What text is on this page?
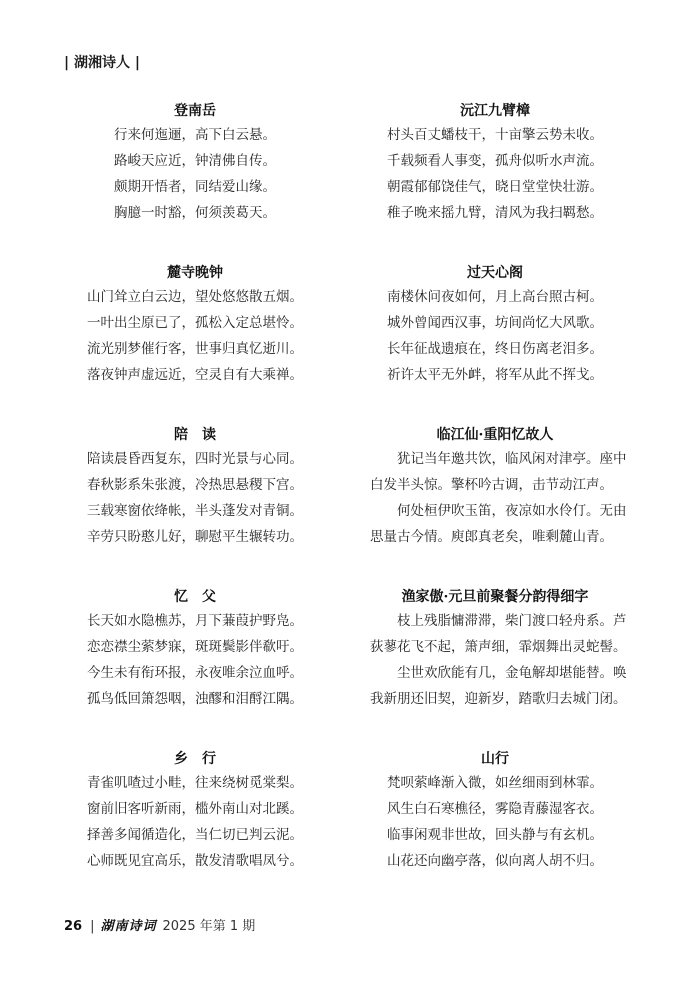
| 湖湘诗人 |
登南岳
行来何迤逦，高下白云悬。
路峻天应近，钟清佛自传。
颇期开悟者，同结爱山缘。
胸臆一时豁，何须羡葛天。
麓寺晚钟
山门耸立白云边，望处悠悠散五烟。
一叶出尘原已了，孤松入定总堪怜。
流光别梦催行客，世事归真忆逝川。
落夜钟声虚远近，空灵自有大乘禅。
陪　读
陪读晨昏西复东，四时光景与心同。
春秋影系朱张渡，冷热思悬稷下宫。
三载寒窗依绛帐，半头蓬发对青铜。
辛劳只盼憨儿好，聊慰平生辗转功。
忆　父
长天如水隐樵苏，月下蒹葭护野凫。
恋恋襟尘萦梦寐，斑斑鬓影伴欷吁。
今生未有衔环报，永夜唯余泣血呼。
孤鸟低回箫怨咽，浊醪和泪酹江隅。
乡　行
青雀叽喳过小畦，往来绕树觅棠梨。
窗前旧客听新雨，槛外南山对北蹊。
择善多闻循造化，当仁切已判云泥。
心师既见宜高乐，散发清歌唱凤兮。
沅江九臂樟
村头百丈蟠枝干，十亩擎云势未收。
千载频看人事变，孤舟似听水声流。
朝霞郁郁饶佳气，晓日堂堂快壮游。
稚子晚来摇九臂，清风为我扫羁愁。
过天心阁
南楼休问夜如何，月上高台照古柯。
城外曾闻西汉事，坊间尚忆大风歌。
长年征战遗痕在，终日伤离老泪多。
祈许太平无外衅，将军从此不挥戈。
临江仙·重阳忆故人
犹记当年邀共饮，临风闲对津亭。座中
白发半头惊。擎杯吟古调，击节动江声。
何处桓伊吹玉笛，夜凉如水伶仃。无由
思量古今情。庾郎真老矣，唯剩麓山青。
渔家傲·元旦前聚餐分韵得细字
枝上残脂慵滞滞，柴门渡口轻舟系。芦
荻蓼花飞不起，箫声细，霏烟舞出灵蛇髻。
尘世欢欣能有几，金龟解却堪能替。唤
我新朋还旧契，迎新岁，踏歌归去城门闭。
山行
梵呗萦峰渐入微，如丝细雨到林霏。
风生白石寒樵径，雾隐青藤湿客衣。
临事闲观非世故，回头静与有玄机。
山花还向幽亭落，似向离人胡不归。
26 | 湖南诗词 2025 年第 1 期
